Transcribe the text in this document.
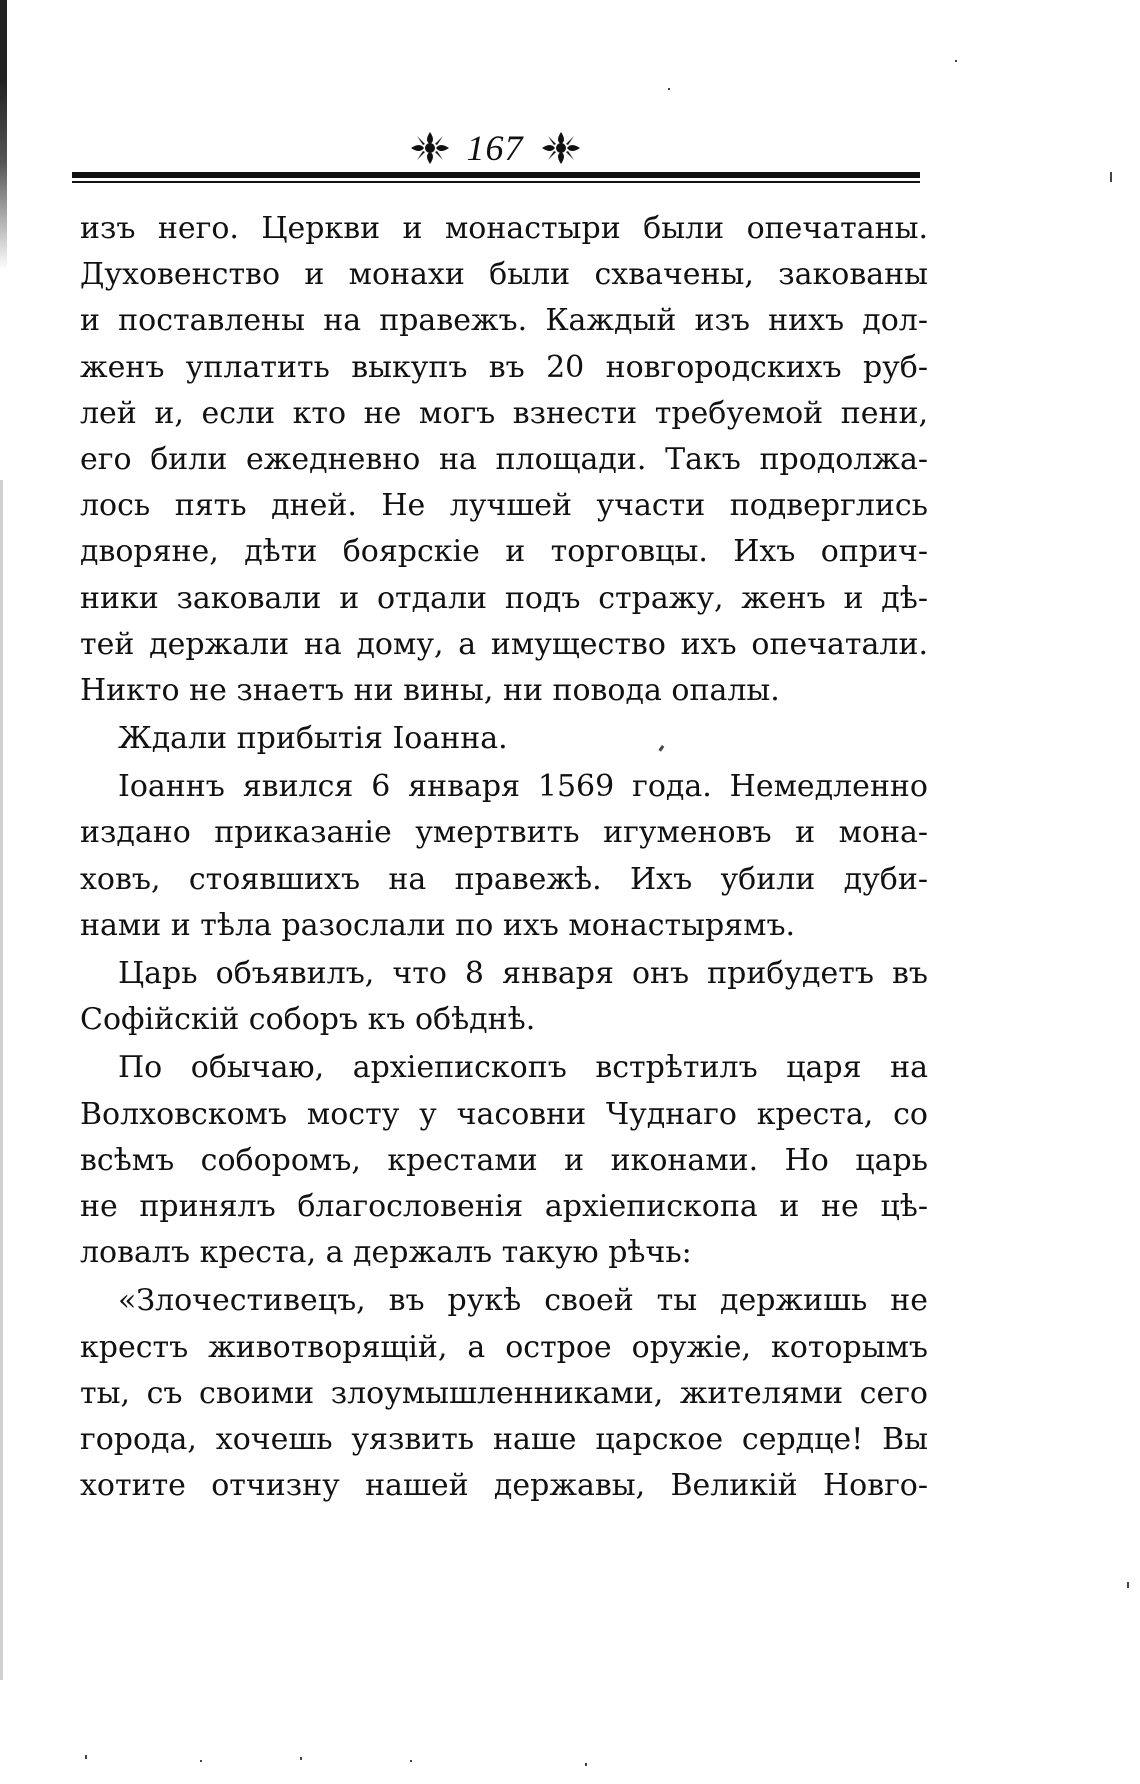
167
изъ него. Церкви и монастыри были опечатаны.
Духовенство и монахи были схвачены, закованы
и поставлены на правежъ. Каждый изъ нихъ дол-
женъ уплатить выкупъ въ 20 новгородскихъ руб-
лей и, если кто не могъ взнести требуемой пени,
его били ежедневно на площади. Такъ продолжа-
лось пять дней. Не лучшей участи подверглись
дворяне, дѣти боярскіе и торговцы. Ихъ оприч-
ники заковали и отдали подъ стражу, женъ и дѣ-
тей держали на дому, а имущество ихъ опечатали.
Никто не знаетъ ни вины, ни повода опалы.
Ждали прибытія Іоанна.
Іоаннъ явился 6 января 1569 года. Немедленно
издано приказаніе умертвить игуменовъ и мона-
ховъ, стоявшихъ на правежѣ. Ихъ убили дуби-
нами и тѣла разослали по ихъ монастырямъ.
Царь объявилъ, что 8 января онъ прибудетъ въ
Софійскій соборъ къ обѣднѣ.
По обычаю, архіепископъ встрѣтилъ царя на
Волховскомъ мосту у часовни Чуднаго креста, со
всѣмъ соборомъ, крестами и иконами. Но царь
не принялъ благословенія архіепископа и не цѣ-
ловалъ креста, а держалъ такую рѣчь:
«Злочестивецъ, въ рукѣ своей ты держишь не
крестъ животворящій, а острое оружіе, которымъ
ты, съ своими злоумышленниками, жителями сего
города, хочешь уязвить наше царское сердце! Вы
хотите отчизну нашей державы, Великій Новго-
